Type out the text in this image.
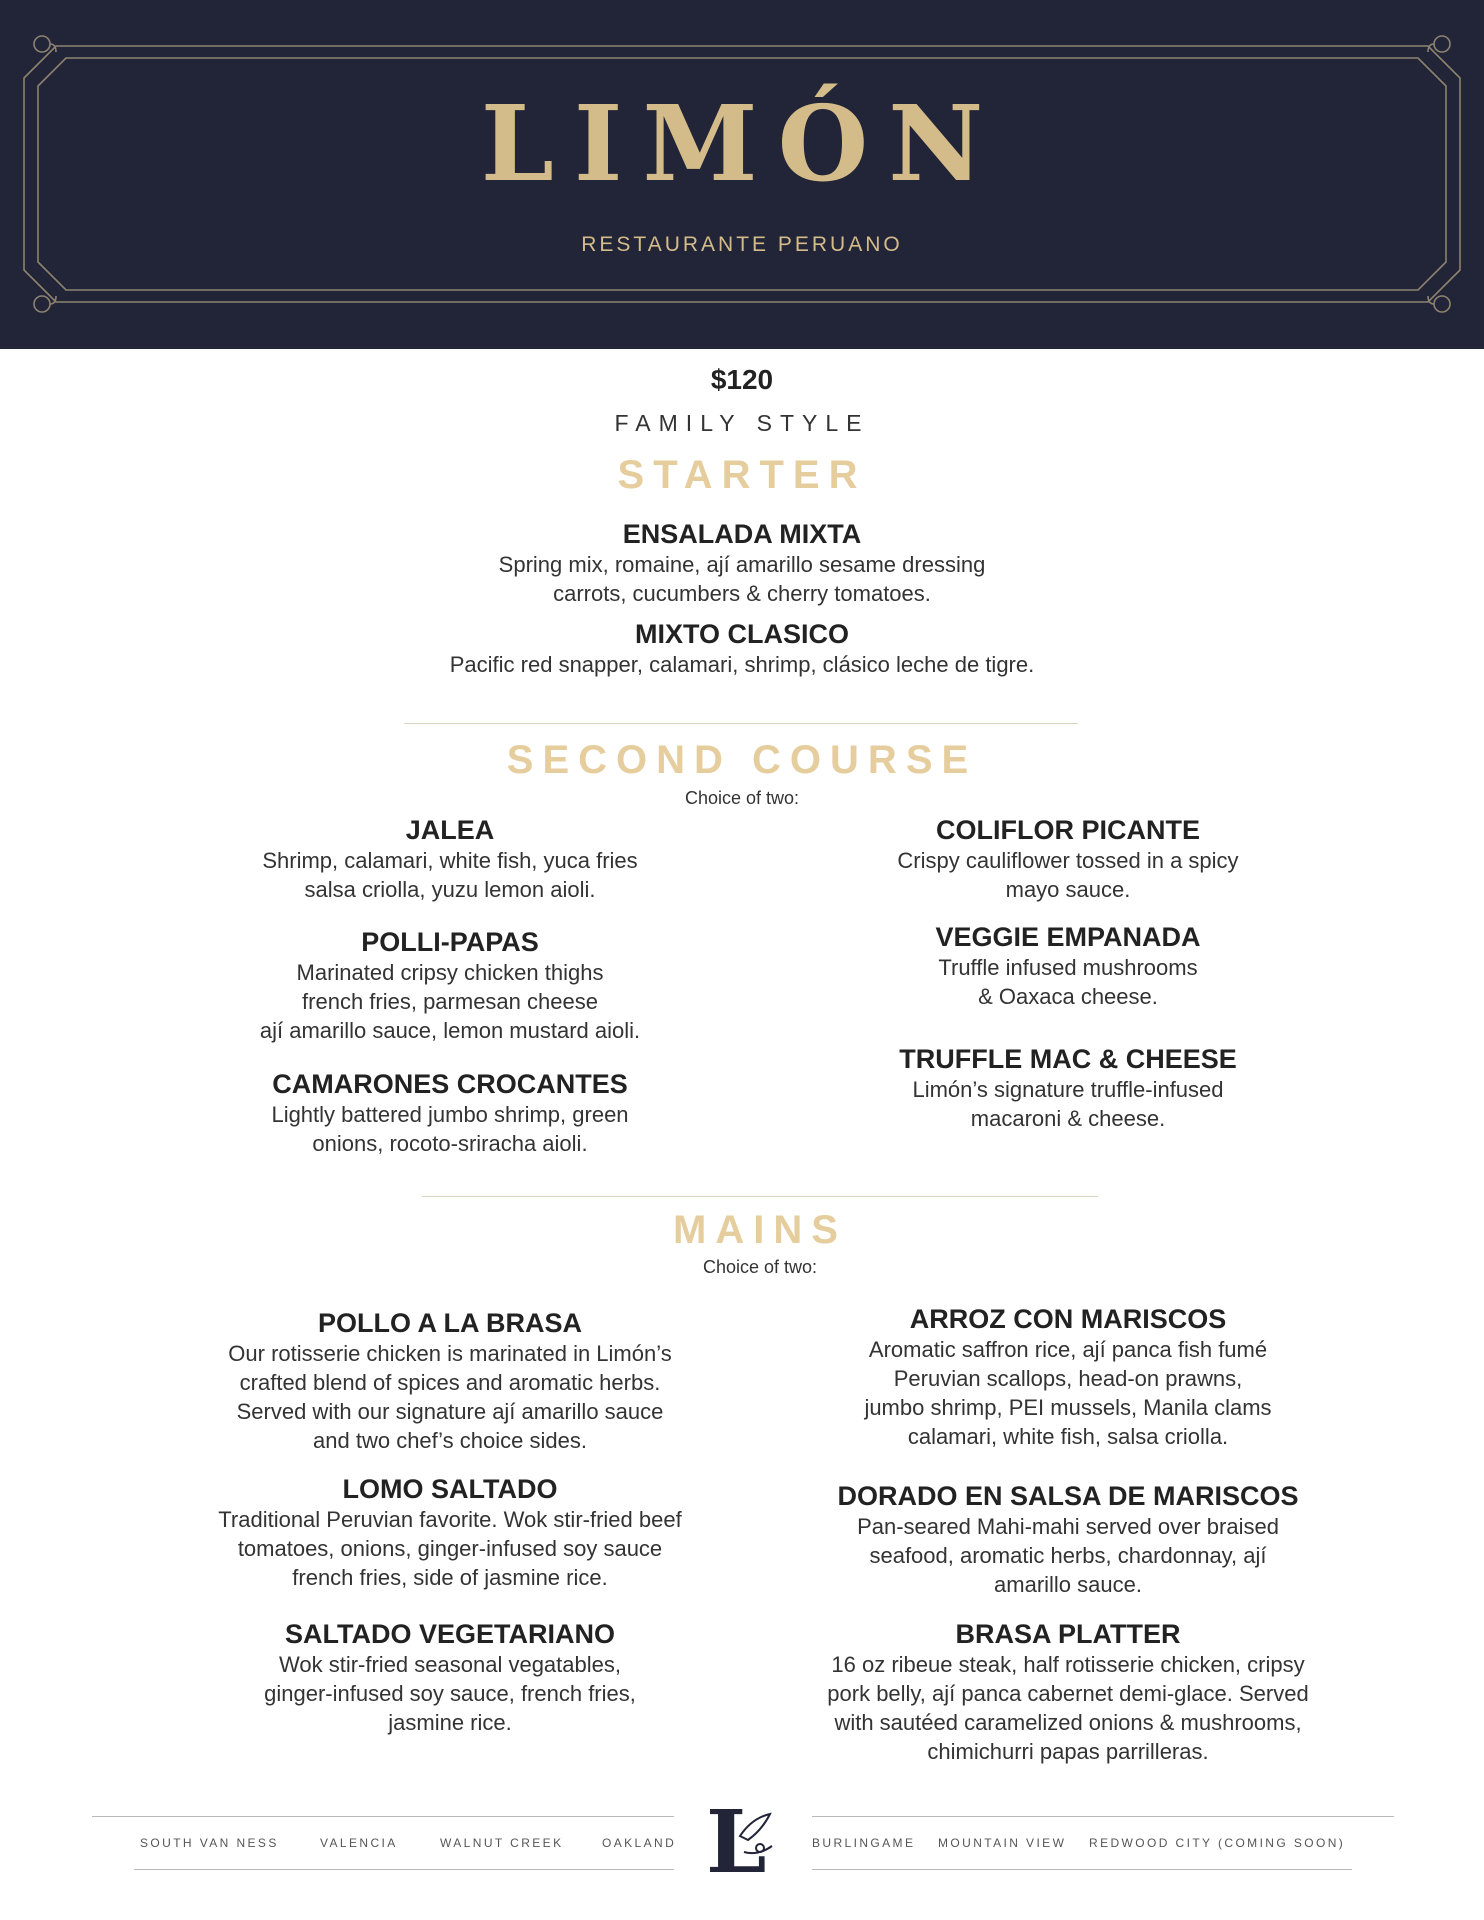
LIMÓN
RESTAURANTE PERUANO
$120
FAMILY STYLE
STARTER
ENSALADA MIXTA
Spring mix, romaine, ají amarillo sesame dressing
carrots, cucumbers & cherry tomatoes.
MIXTO CLASICO
Pacific red snapper, calamari, shrimp, clásico leche de tigre.
SECOND COURSE
Choice of two:
JALEA
Shrimp, calamari, white fish, yuca fries
salsa criolla, yuzu lemon aioli.
POLLI-PAPAS
Marinated cripsy chicken thighs
french fries, parmesan cheese
ají amarillo sauce, lemon mustard aioli.
CAMARONES CROCANTES
Lightly battered jumbo shrimp, green
onions, rocoto-sriracha aioli.
COLIFLOR PICANTE
Crispy cauliflower tossed in a spicy
mayo sauce.
VEGGIE EMPANADA
Truffle infused mushrooms
& Oaxaca cheese.
TRUFFLE MAC & CHEESE
Limón’s signature truffle-infused
macaroni & cheese.
MAINS
Choice of two:
POLLO A LA BRASA
Our rotisserie chicken is marinated in Limón’s
crafted blend of spices and aromatic herbs.
Served with our signature ají amarillo sauce
and two chef’s choice sides.
LOMO SALTADO
Traditional Peruvian favorite. Wok stir-fried beef
tomatoes, onions, ginger-infused soy sauce
french fries, side of jasmine rice.
SALTADO VEGETARIANO
Wok stir-fried seasonal vegatables,
ginger-infused soy sauce, french fries,
jasmine rice.
ARROZ CON MARISCOS
Aromatic saffron rice, ají panca fish fumé
Peruvian scallops, head-on prawns,
jumbo shrimp, PEI mussels, Manila clams
calamari, white fish, salsa criolla.
DORADO EN SALSA DE MARISCOS
Pan-seared Mahi-mahi served over braised
seafood, aromatic herbs, chardonnay, ají
amarillo sauce.
BRASA PLATTER
16 oz ribeue steak, half rotisserie chicken, cripsy
pork belly, ají panca cabernet demi-glace. Served
with sautéed caramelized onions & mushrooms,
chimichurri papas parrilleras.
SOUTH VAN NESS	VALENCIA	WALNUT CREEK	OAKLAND	BURLINGAME MOUNTAIN VIEW REDWOOD CITY (COMING SOON)
L
